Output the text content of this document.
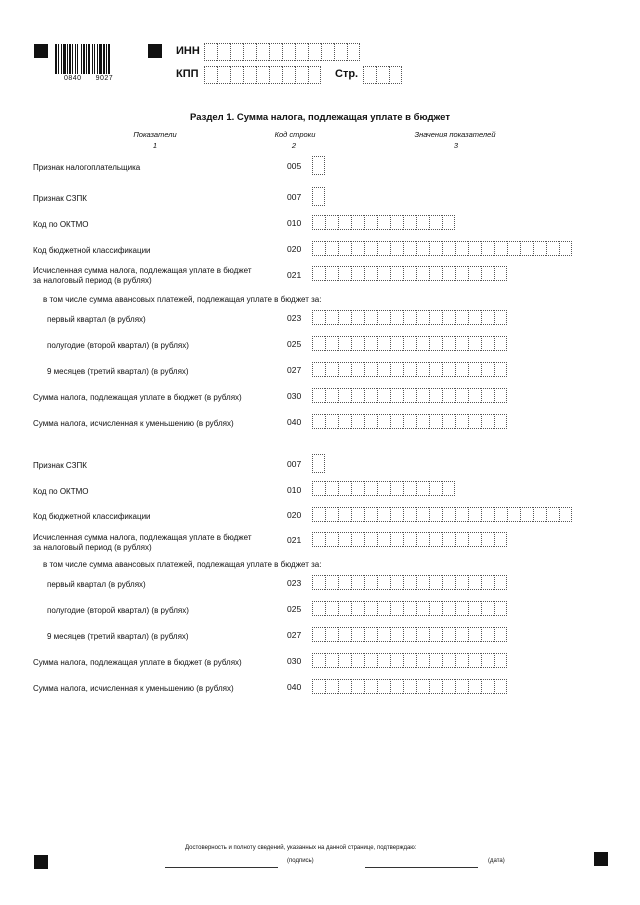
0840 9027
ИНН
КПП	Стр.
Раздел 1. Сумма налога, подлежащая уплате в бюджет
Показатели
1
Код строки
2
Значения показателей
3
Признак налогоплательщика	005
Признак СЗПК	007
Код по ОКТМО	010
Код бюджетной классификации	020
Исчисленная сумма налога, подлежащая уплате в бюджет
за налоговый период (в рублях)
021
в том числе сумма авансовых платежей, подлежащая уплате в бюджет за:
первый квартал (в рублях)	023
полугодие (второй квартал) (в рублях)	025
9 месяцев (третий квартал) (в рублях)	027
Сумма налога, подлежащая уплате в бюджет (в рублях)	030
Сумма налога, исчисленная к уменьшению (в рублях)	040
Признак СЗПК	007
Код по ОКТМО	010
Код бюджетной классификации	020
Исчисленная сумма налога, подлежащая уплате в бюджет
за налоговый период (в рублях)
021
в том числе сумма авансовых платежей, подлежащая уплате в бюджет за:
первый квартал (в рублях)	023
полугодие (второй квартал) (в рублях)	025
9 месяцев (третий квартал) (в рублях)	027
Сумма налога, подлежащая уплате в бюджет (в рублях)	030
Сумма налога, исчисленная к уменьшению (в рублях)	040
Достоверность и полноту сведений, указанных на данной странице, подтверждаю:
(подпись)	(дата)
